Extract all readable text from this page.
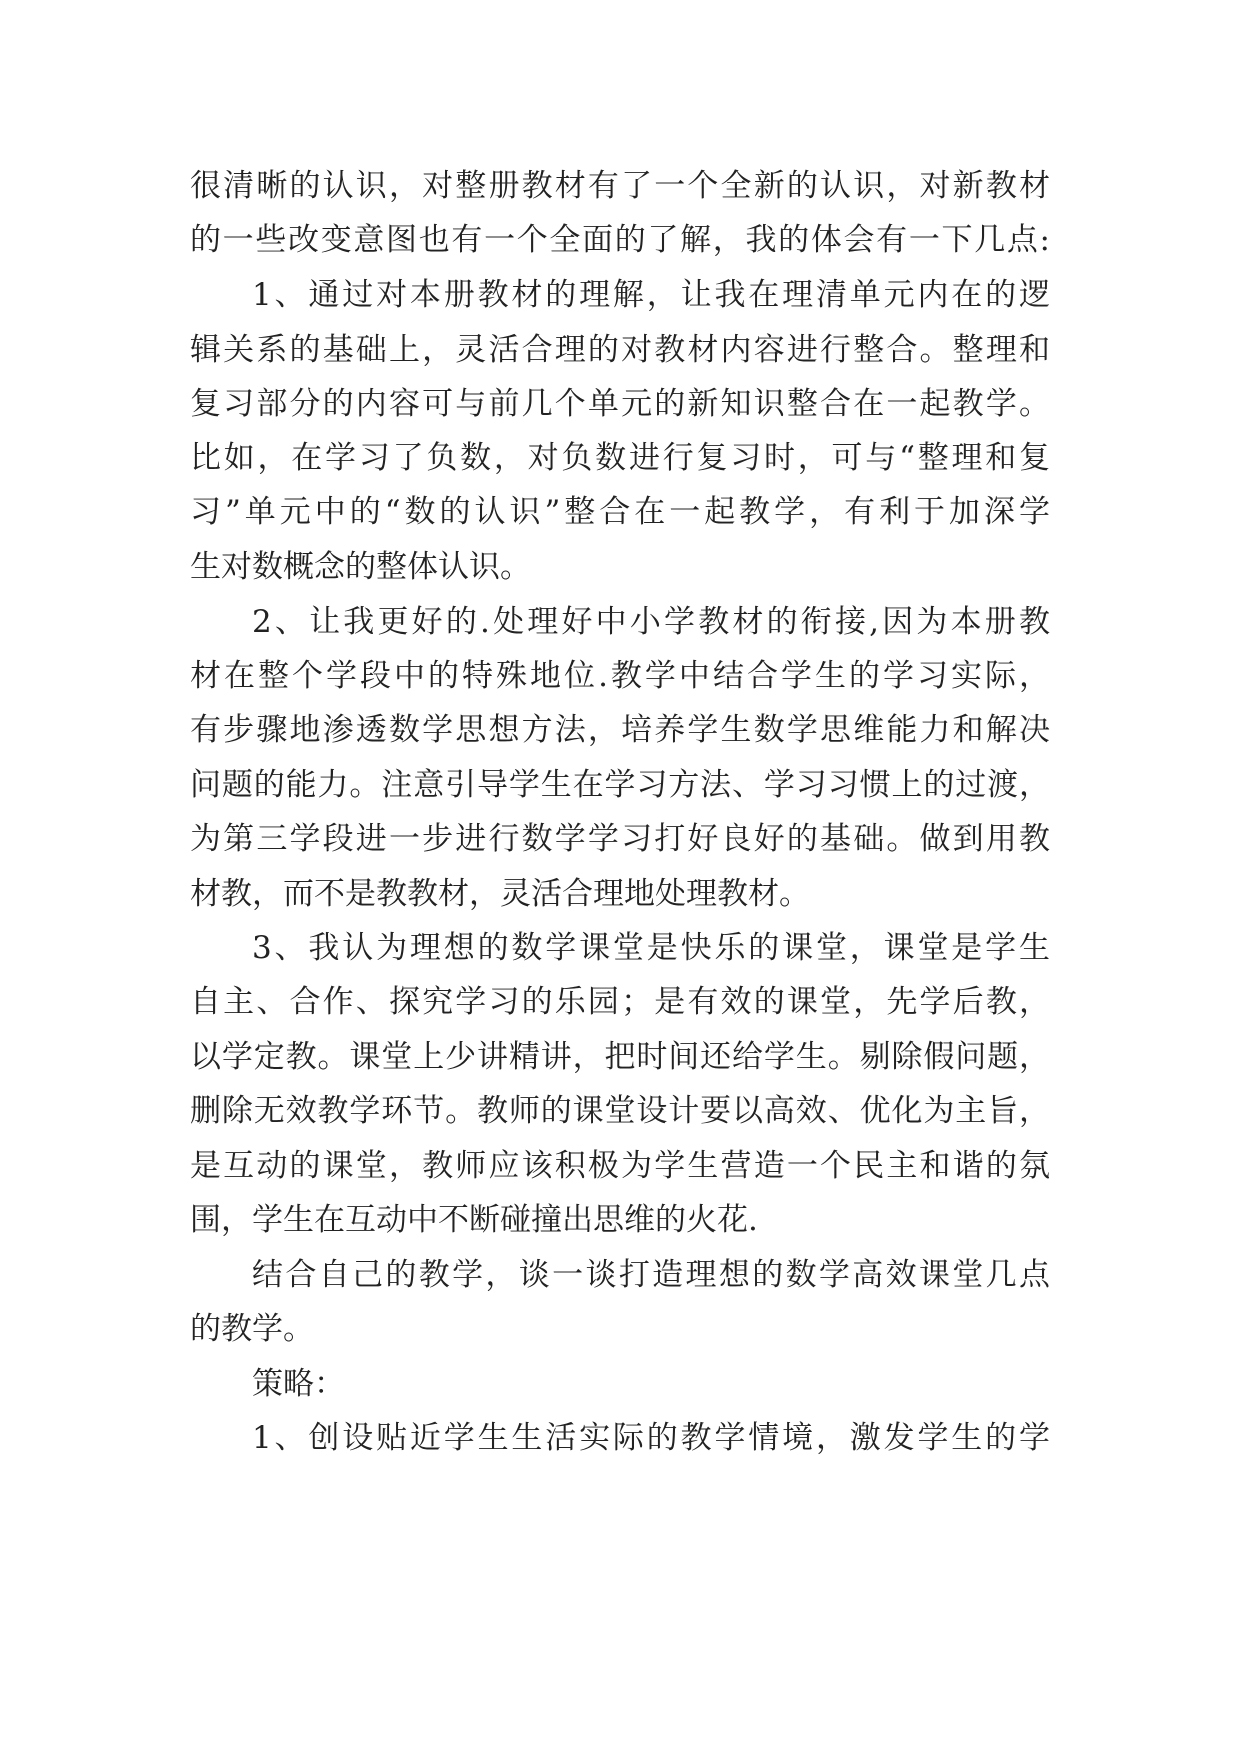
很清晰的认识，对整册教材有了一个全新的认识，对新教材
的一些改变意图也有一个全面的了解，我的体会有一下几点:
1、通过对本册教材的理解，让我在理清单元内在的逻
辑关系的基础上，灵活合理的对教材内容进行整合。整理和
复习部分的内容可与前几个单元的新知识整合在一起教学。
比如，在学习了负数，对负数进行复习时，可与“整理和复
习”单元中的“数的认识”整合在一起教学，有利于加深学
生对数概念的整体认识。
2、让我更好的.处理好中小学教材的衔接,因为本册教
材在整个学段中的特殊地位.教学中结合学生的学习实际，
有步骤地渗透数学思想方法，培养学生数学思维能力和解决
问题的能力。注意引导学生在学习方法、学习习惯上的过渡，
为第三学段进一步进行数学学习打好良好的基础。做到用教
材教，而不是教教材，灵活合理地处理教材。
3、我认为理想的数学课堂是快乐的课堂，课堂是学生
自主、合作、探究学习的乐园；是有效的课堂，先学后教，
以学定教。课堂上少讲精讲，把时间还给学生。剔除假问题，
删除无效教学环节。教师的课堂设计要以高效、优化为主旨，
是互动的课堂，教师应该积极为学生营造一个民主和谐的氛
围，学生在互动中不断碰撞出思维的火花.
结合自己的教学，谈一谈打造理想的数学高效课堂几点
的教学。
策略：
1、创设贴近学生生活实际的教学情境，激发学生的学
